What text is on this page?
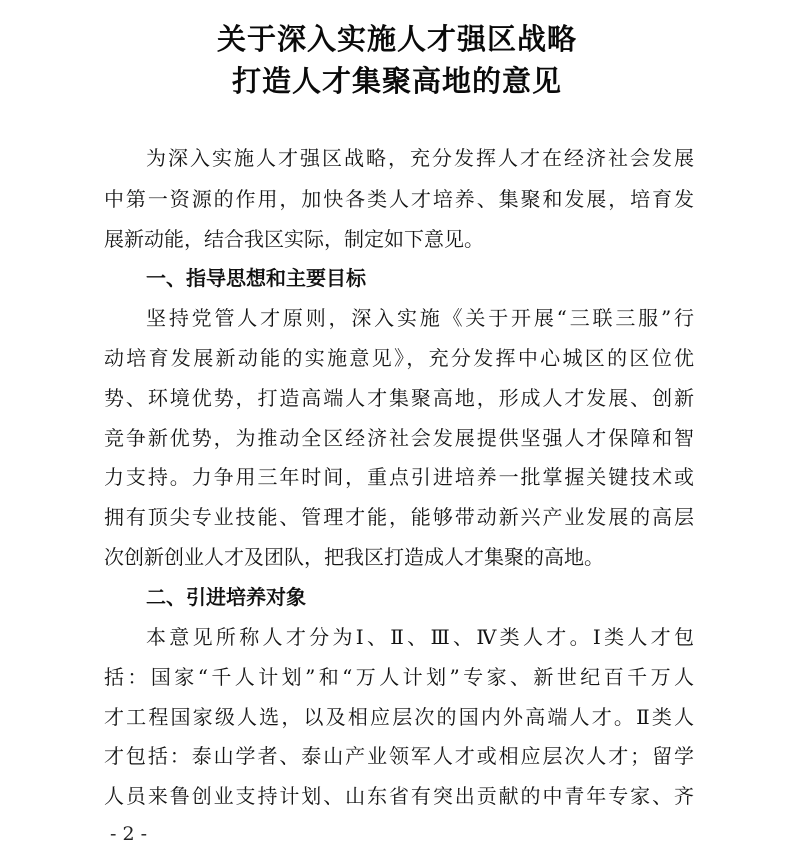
关于深入实施人才强区战略
打造人才集聚高地的意见
为深入实施人才强区战略，充分发挥人才在经济社会发展
中第一资源的作用，加快各类人才培养、集聚和发展，培育发
展新动能，结合我区实际，制定如下意见。
一、指导思想和主要目标
坚持党管人才原则，深入实施《关于开展“三联三服”行
动培育发展新动能的实施意见》，充分发挥中心城区的区位优
势、环境优势，打造高端人才集聚高地，形成人才发展、创新
竞争新优势，为推动全区经济社会发展提供坚强人才保障和智
力支持。力争用三年时间，重点引进培养一批掌握关键技术或
拥有顶尖专业技能、管理才能，能够带动新兴产业发展的高层
次创新创业人才及团队，把我区打造成人才集聚的高地。
二、引进培养对象
本意见所称人才分为Ⅰ、Ⅱ、Ⅲ、Ⅳ类人才。Ⅰ类人才包
括：国家“千人计划”和“万人计划”专家、新世纪百千万人
才工程国家级人选，以及相应层次的国内外高端人才。Ⅱ类人
才包括：泰山学者、泰山产业领军人才或相应层次人才；留学
人员来鲁创业支持计划、山东省有突出贡献的中青年专家、齐
- 2 -
